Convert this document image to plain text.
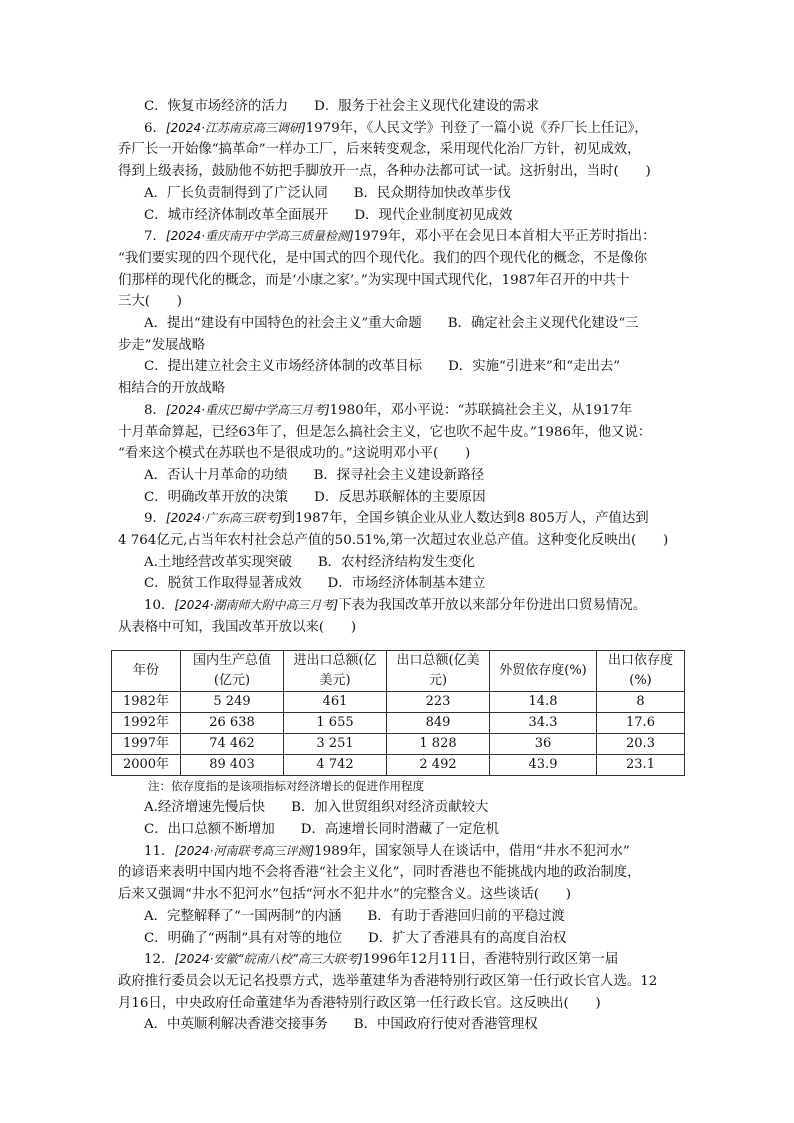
C．恢复市场经济的活力 D．服务于社会主义现代化建设的需求
6．[2024·江苏南京高三调研]1979年，《人民文学》刊登了一篇小说《乔厂长上任记》，
乔厂长一开始像“搞革命”一样办工厂，后来转变观念，采用现代化治厂方针，初见成效，
得到上级表扬，鼓励他不妨把手脚放开一点，各种办法都可试一试。这折射出，当时(　　)
A．厂长负责制得到了广泛认同 B．民众期待加快改革步伐
C．城市经济体制改革全面展开 D．现代企业制度初见成效
7．[2024·重庆南开中学高三质量检测]1979年，邓小平在会见日本首相大平正芳时指出：
“我们要实现的四个现代化，是中国式的四个现代化。我们的四个现代化的概念，不是像你
们那样的现代化的概念，而是‘小康之家’。”为实现中国式现代化，1987年召开的中共十
三大(　　)
A．提出“建设有中国特色的社会主义”重大命题 B．确定社会主义现代化建设“三
步走”发展战略
C．提出建立社会主义市场经济体制的改革目标 D．实施“引进来”和“走出去”
相结合的开放战略
8．[2024·重庆巴蜀中学高三月考]1980年，邓小平说：“苏联搞社会主义，从1917年
十月革命算起，已经63年了，但是怎么搞社会主义，它也吹不起牛皮。”1986年，他又说：
“看来这个模式在苏联也不是很成功的。”这说明邓小平(　　)
A．否认十月革命的功绩 B．探寻社会主义建设新路径
C．明确改革开放的决策 D．反思苏联解体的主要原因
9．[2024·广东高三联考]到1987年，全国乡镇企业从业人数达到8 805万人，产值达到
4 764亿元,占当年农村社会总产值的50.51%,第一次超过农业总产值。这种变化反映出(　　)
A.土地经营改革实现突破 B．农村经济结构发生变化
C．脱贫工作取得显著成效 D．市场经济体制基本建立
10．[2024·湖南师大附中高三月考]下表为我国改革开放以来部分年份进出口贸易情况。
从表格中可知，我国改革开放以来(　　)
年份	国内生产总值(亿元)	进出口总额(亿美元)	出口总额(亿美元)	外贸依存度(%)	出口依存度(%)
1982年	5 249	461	223	14.8	8
1992年	26 638	1 655	849	34.3	17.6
1997年	74 462	3 251	1 828	36	20.3
2000年	89 403	4 742	2 492	43.9	23.1
注：依存度指的是该项指标对经济增长的促进作用程度
A.经济增速先慢后快 B．加入世贸组织对经济贡献较大
C．出口总额不断增加 D．高速增长同时潜藏了一定危机
11．[2024·河南联考高三评测]1989年，国家领导人在谈话中，借用“井水不犯河水”
的谚语来表明中国内地不会将香港“社会主义化”，同时香港也不能挑战内地的政治制度，
后来又强调“井水不犯河水”包括“河水不犯井水”的完整含义。这些谈话(　　)
A．完整解释了“一国两制”的内涵 B．有助于香港回归前的平稳过渡
C．明确了“两制”具有对等的地位 D．扩大了香港具有的高度自治权
12．[2024·安徽“皖南八校”高三大联考]1996年12月11日，香港特别行政区第一届
政府推行委员会以无记名投票方式，选举董建华为香港特别行政区第一任行政长官人选。12
月16日，中央政府任命董建华为香港特别行政区第一任行政长官。这反映出(　　)
A．中英顺利解决香港交接事务 B．中国政府行使对香港管理权
